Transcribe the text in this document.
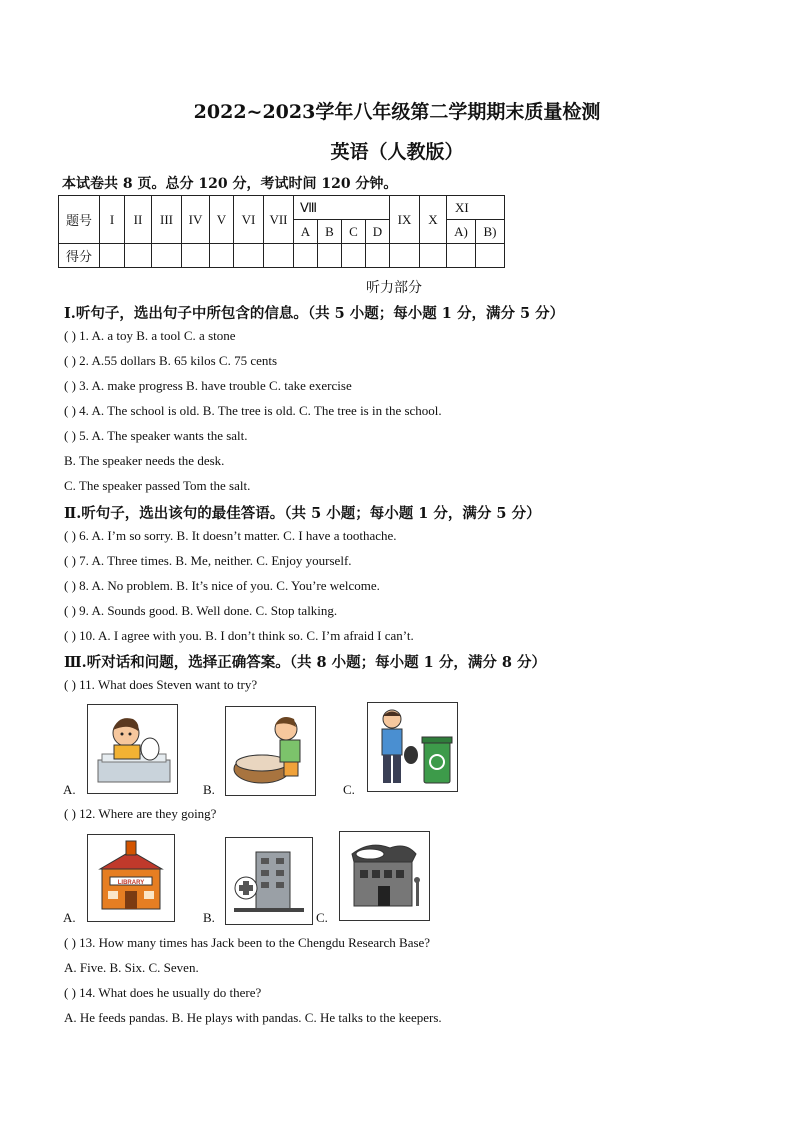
2022~2023学年八年级第二学期期末质量检测
英语（人教版）
本试卷共 8 页。总分 120 分，考试时间 120 分钟。
题号	I	II	III	IV	V	VI	VII	Ⅷ				IX	X	XI	
								A	B	C	D			A)	B)
得分															
听力部分
Ⅰ.听句子，选出句子中所包含的信息。（共 5 小题；每小题 1 分，满分 5 分）
( ) 1. A. a toy B. a tool C. a stone
( ) 2. A.55 dollars B. 65 kilos C. 75 cents
( ) 3. A. make progress B. have trouble C. take exercise
( ) 4. A. The school is old. B. The tree is old. C. The tree is in the school.
( ) 5. A. The speaker wants the salt.
B. The speaker needs the desk.
C. The speaker passed Tom the salt.
Ⅱ.听句子，选出该句的最佳答语。（共 5 小题；每小题 1 分，满分 5 分）
( ) 6. A. I’m so sorry. B. It doesn’t matter. C. I have a toothache.
( ) 7. A. Three times. B. Me, neither. C. Enjoy yourself.
( ) 8. A. No problem. B. It’s nice of you. C. You’re welcome.
( ) 9. A. Sounds good. B. Well done. C. Stop talking.
( ) 10. A. I agree with you. B. I don’t think so. C. I’m afraid I can’t.
Ⅲ.听对话和问题，选择正确答案。（共 8 小题；每小题 1 分，满分 8 分）
( ) 11. What does Steven want to try?
A.	B.	C.
( ) 12. Where are they going?
A.
LIBRARY
B.	C.
( ) 13. How many times has Jack been to the Chengdu Research Base?
A. Five. B. Six. C. Seven.
( ) 14. What does he usually do there?
A. He feeds pandas. B. He plays with pandas. C. He talks to the keepers.
